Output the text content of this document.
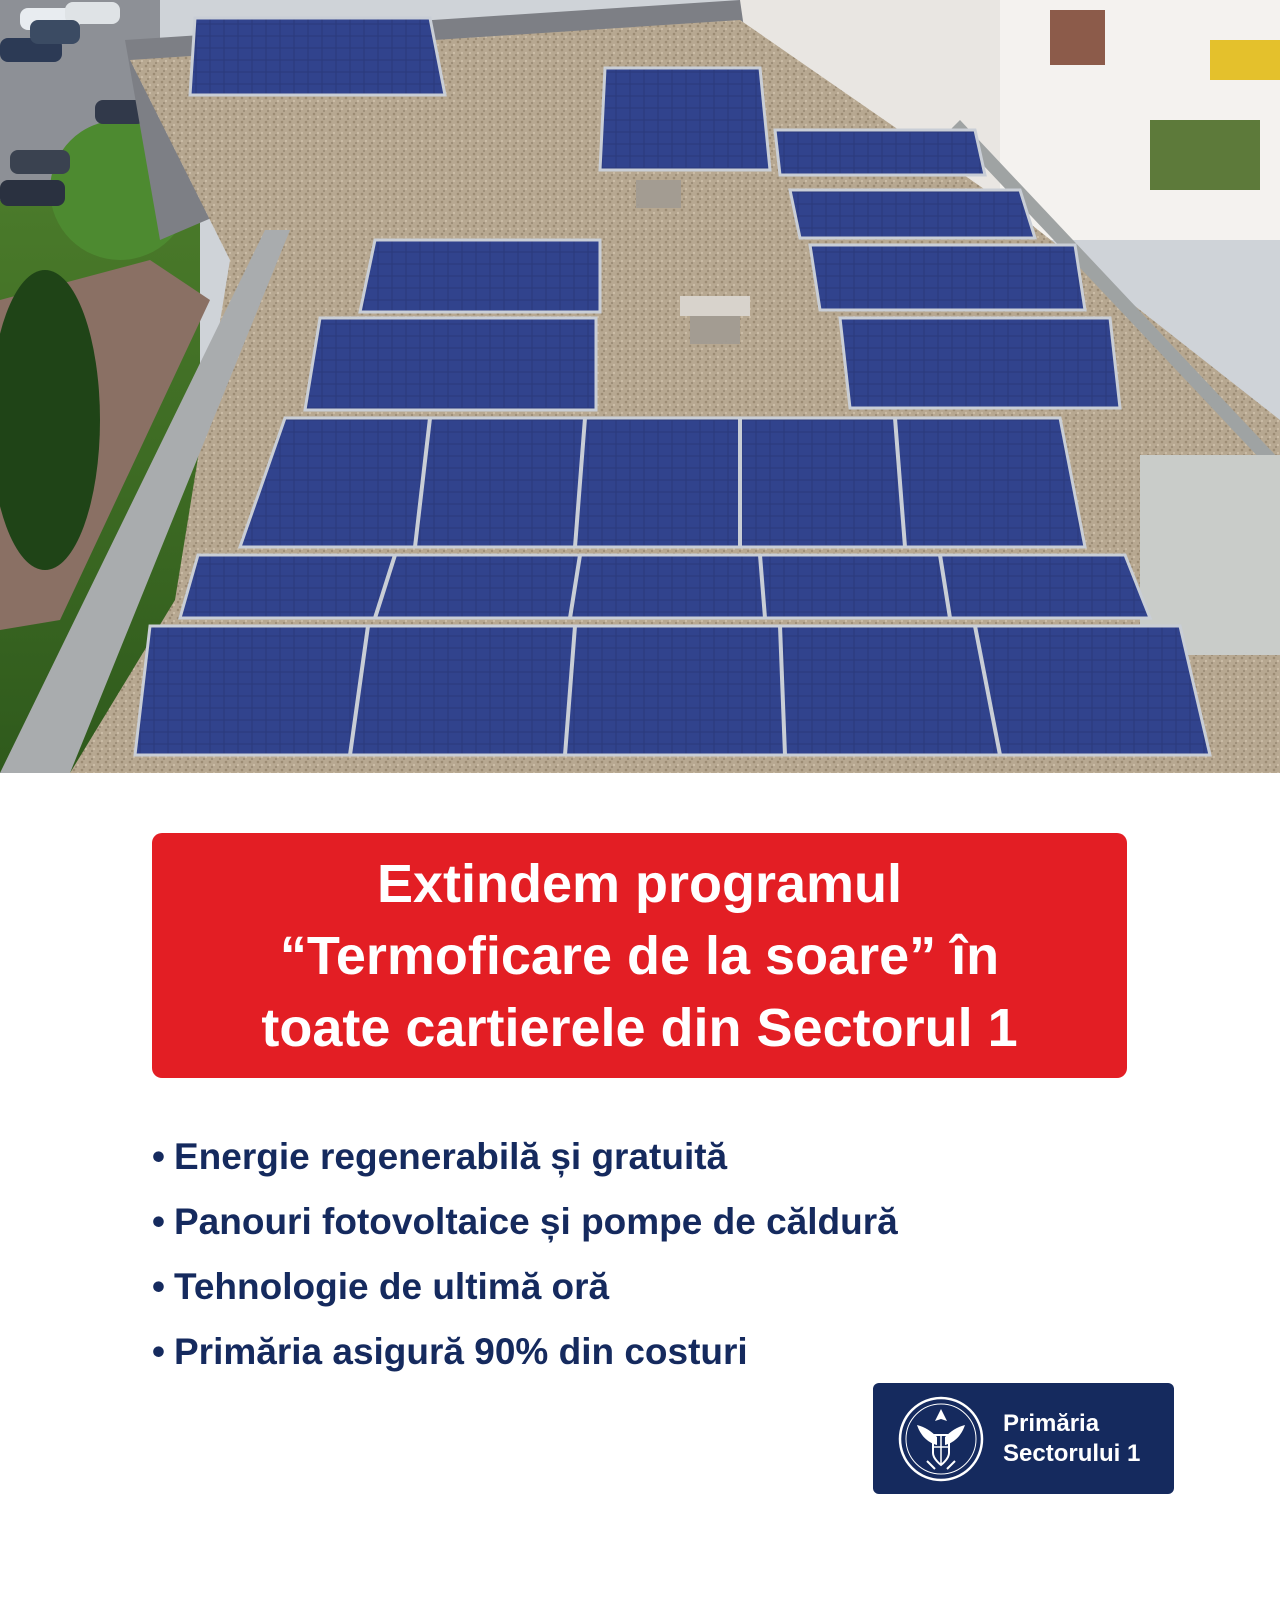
Extindem programul
“Termoficare de la soare” în
toate cartierele din Sectorul 1
• Energie regenerabilă și gratuită
• Panouri fotovoltaice și pompe de căldură
• Tehnologie de ultimă oră
• Primăria asigură 90% din costuri
Primăria
Sectorului 1
